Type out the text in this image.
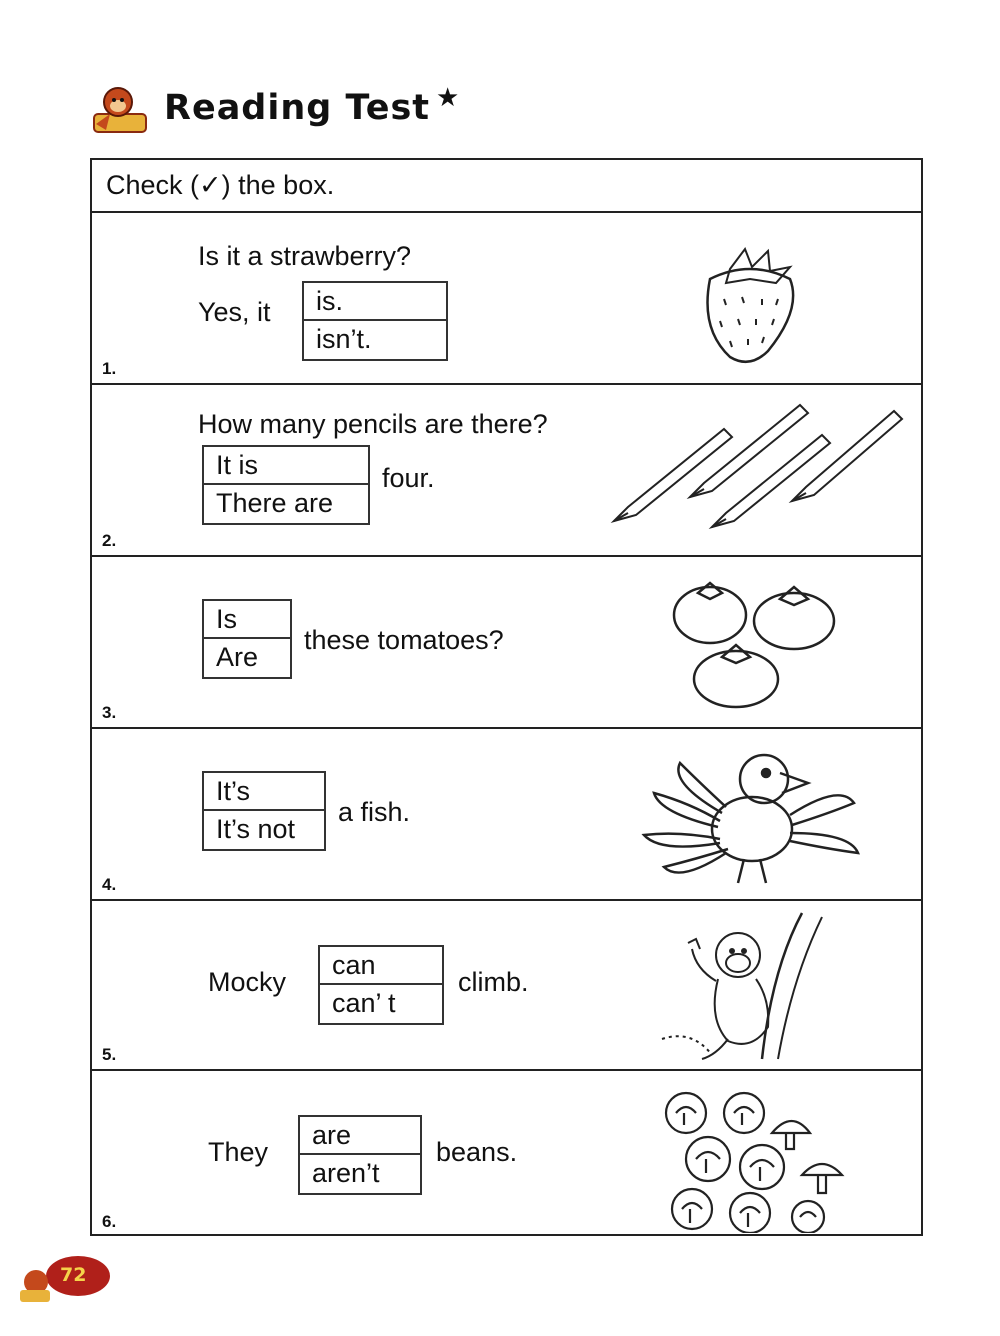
Reading Test ★
Check (✓) the box.
Is it a strawberry?
Yes, it	is.
isn’t.
1.
How many pencils are there?
It is
There are
four.
2.
Is
Are
these tomatoes?
3.
It’s
It’s not
a fish.
4.
Mocky
can
can’ t
climb.
5.
They
are
aren’t
beans.
6.
72
